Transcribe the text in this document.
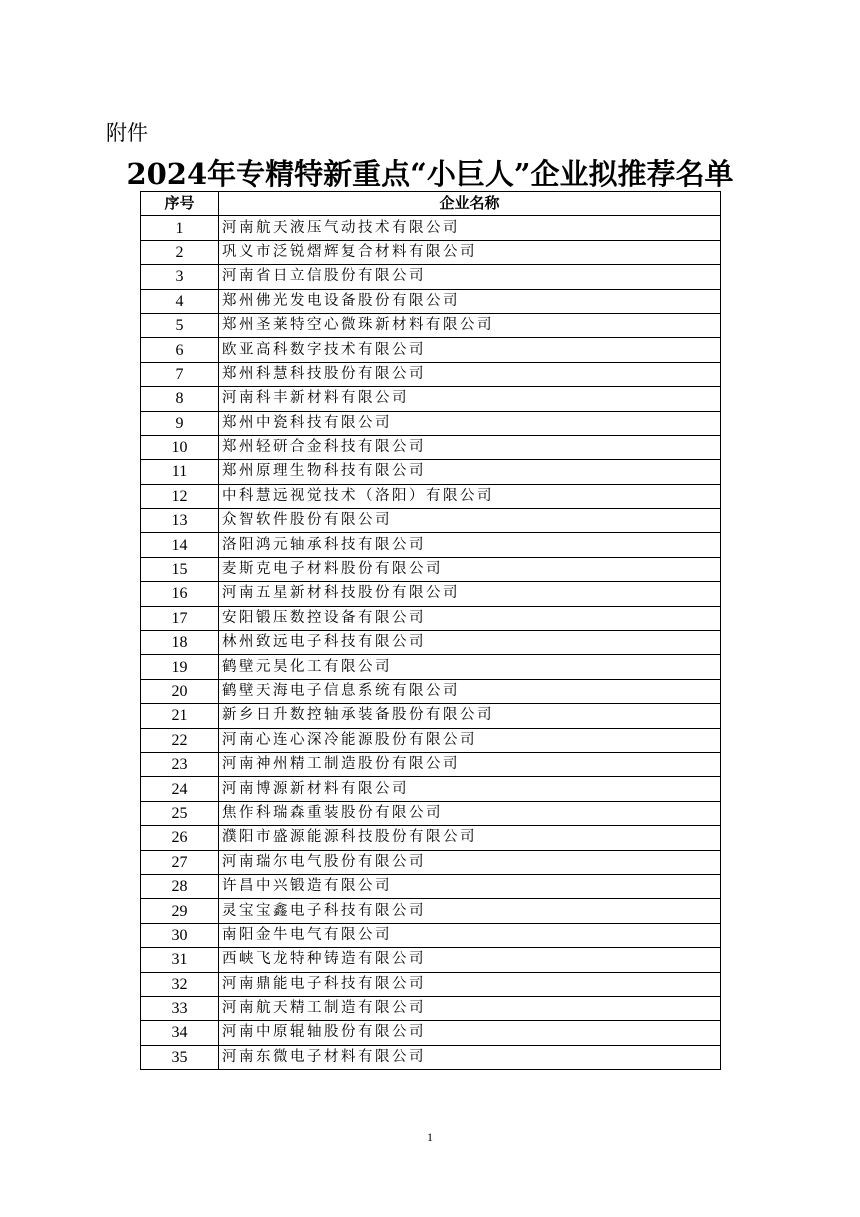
附件
2024年专精特新重点“小巨人”企业拟推荐名单
序号	企业名称
1	河南航天液压气动技术有限公司
2	巩义市泛锐熠辉复合材料有限公司
3	河南省日立信股份有限公司
4	郑州佛光发电设备股份有限公司
5	郑州圣莱特空心微珠新材料有限公司
6	欧亚高科数字技术有限公司
7	郑州科慧科技股份有限公司
8	河南科丰新材料有限公司
9	郑州中瓷科技有限公司
10	郑州轻研合金科技有限公司
11	郑州原理生物科技有限公司
12	中科慧远视觉技术（洛阳）有限公司
13	众智软件股份有限公司
14	洛阳鸿元轴承科技有限公司
15	麦斯克电子材料股份有限公司
16	河南五星新材科技股份有限公司
17	安阳锻压数控设备有限公司
18	林州致远电子科技有限公司
19	鹤壁元昊化工有限公司
20	鹤壁天海电子信息系统有限公司
21	新乡日升数控轴承装备股份有限公司
22	河南心连心深冷能源股份有限公司
23	河南神州精工制造股份有限公司
24	河南博源新材料有限公司
25	焦作科瑞森重装股份有限公司
26	濮阳市盛源能源科技股份有限公司
27	河南瑞尔电气股份有限公司
28	许昌中兴锻造有限公司
29	灵宝宝鑫电子科技有限公司
30	南阳金牛电气有限公司
31	西峡飞龙特种铸造有限公司
32	河南鼎能电子科技有限公司
33	河南航天精工制造有限公司
34	河南中原辊轴股份有限公司
35	河南东微电子材料有限公司
1
